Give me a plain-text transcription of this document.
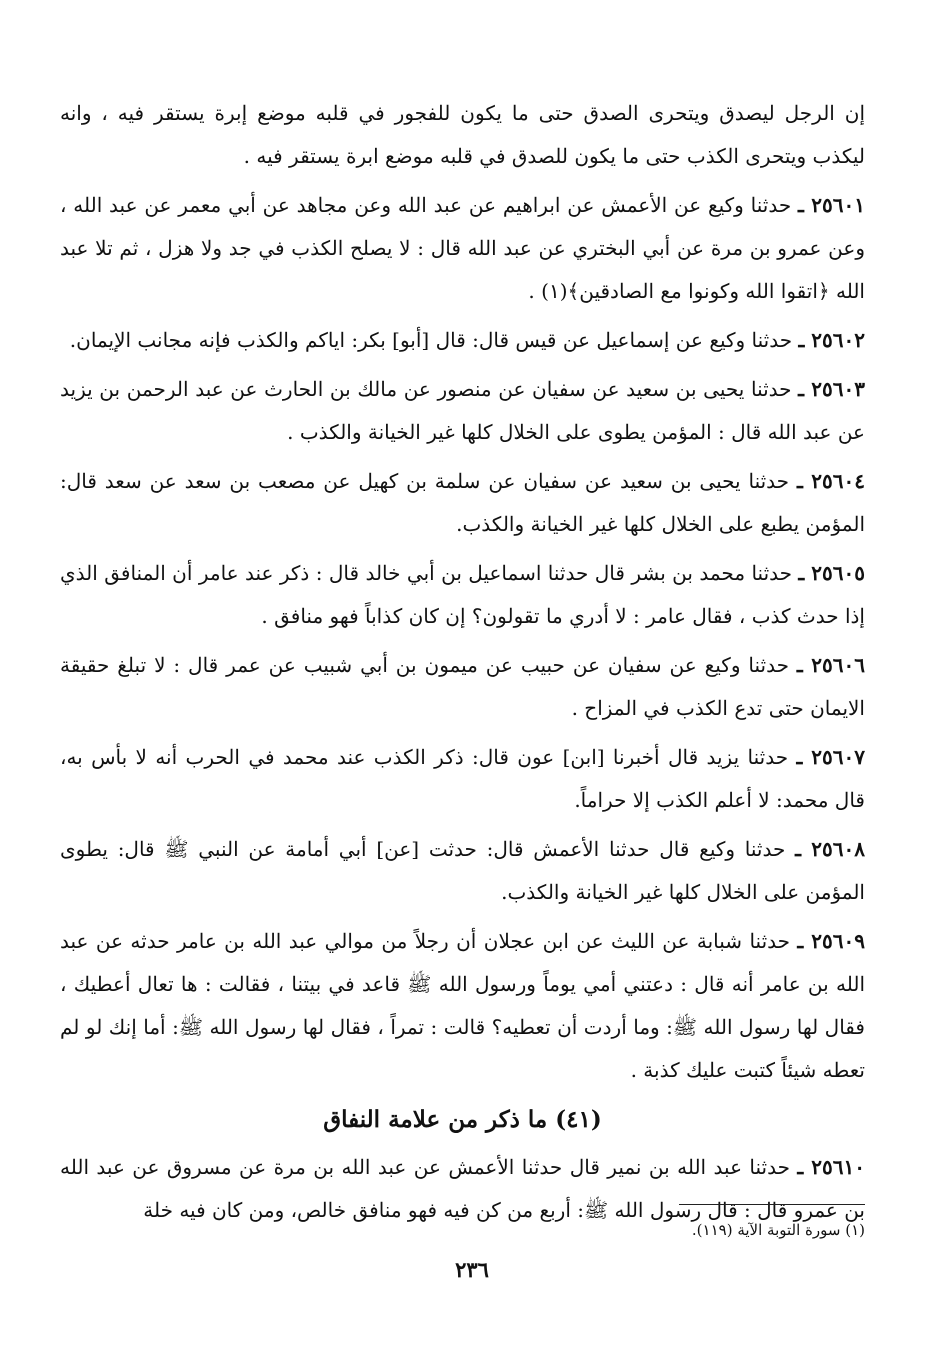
إن الرجل ليصدق ويتحرى الصدق حتى ما يكون للفجور في قلبه موضع إبرة يستقر فيه ، وانه ليكذب ويتحرى الكذب حتى ما يكون للصدق في قلبه موضع ابرة يستقر فيه .

٢٥٦٠١ ـ حدثنا وكيع عن الأعمش عن ابراهيم عن عبد الله وعن مجاهد عن أبي معمر عن عبد الله ، وعن عمرو بن مرة عن أبي البختري عن عبد الله قال : لا يصلح الكذب في جد ولا هزل ، ثم تلا عبد الله ﴿اتقوا الله وكونوا مع الصادقين﴾(١) .

٢٥٦٠٢ ـ حدثنا وكيع عن إسماعيل عن قيس قال: قال [أبو] بكر: اياكم والكذب فإنه مجانب الإيمان.

٢٥٦٠٣ ـ حدثنا يحيى بن سعيد عن سفيان عن منصور عن مالك بن الحارث عن عبد الرحمن بن يزيد عن عبد الله قال : المؤمن يطوى على الخلال كلها غير الخيانة والكذب .

٢٥٦٠٤ ـ حدثنا يحيى بن سعيد عن سفيان عن سلمة بن كهيل عن مصعب بن سعد عن سعد قال: المؤمن يطبع على الخلال كلها غير الخيانة والكذب.

٢٥٦٠٥ ـ حدثنا محمد بن بشر قال حدثنا اسماعيل بن أبي خالد قال : ذكر عند عامر أن المنافق الذي إذا حدث كذب ، فقال عامر : لا أدري ما تقولون؟ إن كان كذاباً فهو منافق .

٢٥٦٠٦ ـ حدثنا وكيع عن سفيان عن حبيب عن ميمون بن أبي شبيب عن عمر قال : لا تبلغ حقيقة الايمان حتى تدع الكذب في المزاح .

٢٥٦٠٧ ـ حدثنا يزيد قال أخبرنا [ابن] عون قال: ذكر الكذب عند محمد في الحرب أنه لا بأس به، قال محمد: لا أعلم الكذب إلا حراماً.

٢٥٦٠٨ ـ حدثنا وكيع قال حدثنا الأعمش قال: حدثت [عن] أبي أمامة عن النبي ﷺ قال: يطوى المؤمن على الخلال كلها غير الخيانة والكذب.

٢٥٦٠٩ ـ حدثنا شبابة عن الليث عن ابن عجلان أن رجلاً من موالي عبد الله بن عامر حدثه عن عبد الله بن عامر أنه قال : دعتني أمي يوماً ورسول الله ﷺ قاعد في بيتنا ، فقالت : ها تعال أعطيك ، فقال لها رسول الله ﷺ: وما أردت أن تعطيه؟ قالت : تمراً ، فقال لها رسول الله ﷺ: أما إنك لو لم تعطه شيئاً كتبت عليك كذبة .

(٤١) ما ذكر من علامة النفاق

٢٥٦١٠ ـ حدثنا عبد الله بن نمير قال حدثنا الأعمش عن عبد الله بن مرة عن مسروق عن عبد الله بن عمرو قال : قال رسول الله ﷺ: أربع من كن فيه فهو منافق خالص، ومن كان فيه خلة

(١) سورة التوبة الآية (١١٩).
٢٣٦
